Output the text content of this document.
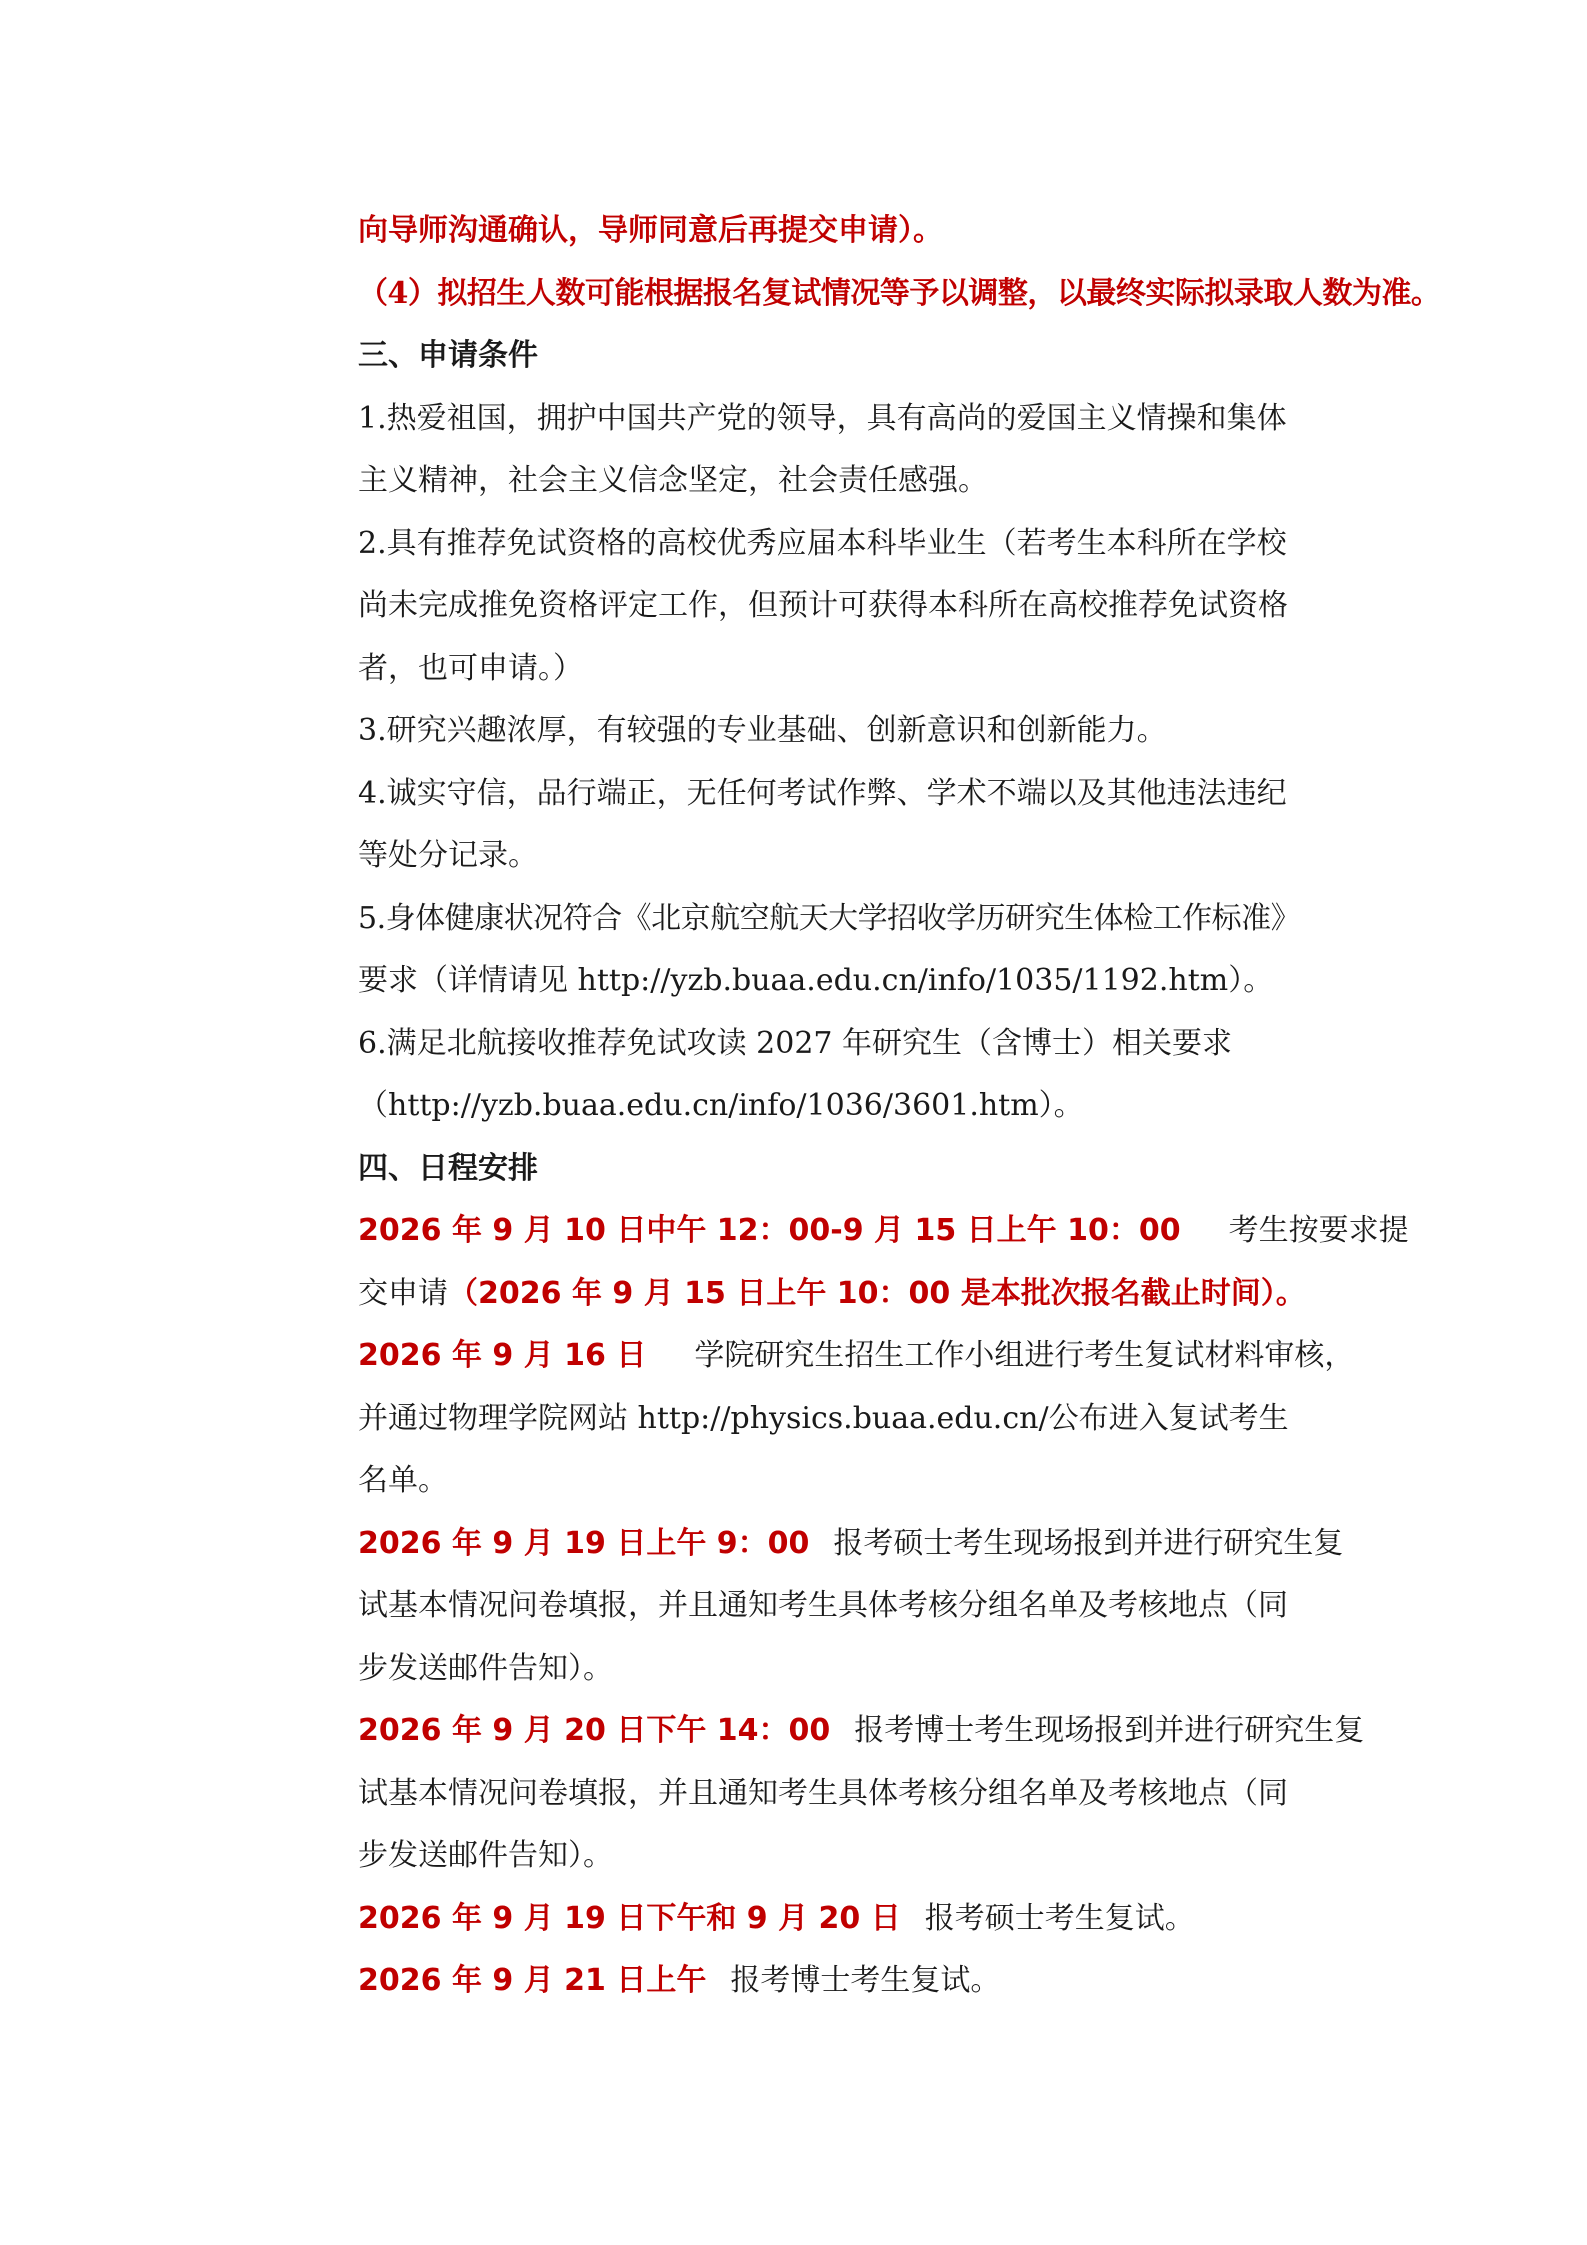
向导师沟通确认，导师同意后再提交申请）。
（4）拟招生人数可能根据报名复试情况等予以调整，以最终实际拟录取人数为准。
三、申请条件
1.热爱祖国，拥护中国共产党的领导，具有高尚的爱国主义情操和集体
主义精神，社会主义信念坚定，社会责任感强。
2.具有推荐免试资格的高校优秀应届本科毕业生（若考生本科所在学校
尚未完成推免资格评定工作，但预计可获得本科所在高校推荐免试资格
者，也可申请。）
3.研究兴趣浓厚，有较强的专业基础、创新意识和创新能力。
4.诚实守信，品行端正，无任何考试作弊、学术不端以及其他违法违纪
等处分记录。
5.身体健康状况符合《北京航空航天大学招收学历研究生体检工作标准》
要求（详情请见 http://yzb.buaa.edu.cn/info/1035/1192.htm）。
6.满足北航接收推荐免试攻读 2027 年研究生（含博士）相关要求
（http://yzb.buaa.edu.cn/info/1036/3601.htm）。
四、日程安排
2026 年 9 月 10 日中午 12：00-9 月 15 日上午 10：00 考生按要求提
交申请（2026 年 9 月 15 日上午 10：00 是本批次报名截止时间）。
2026 年 9 月 16 日 学院研究生招生工作小组进行考生复试材料审核，
并通过物理学院网站 http://physics.buaa.edu.cn/公布进入复试考生
名单。
2026 年 9 月 19 日上午 9：00 报考硕士考生现场报到并进行研究生复
试基本情况问卷填报，并且通知考生具体考核分组名单及考核地点（同
步发送邮件告知）。
2026 年 9 月 20 日下午 14：00 报考博士考生现场报到并进行研究生复
试基本情况问卷填报，并且通知考生具体考核分组名单及考核地点（同
步发送邮件告知）。
2026 年 9 月 19 日下午和 9 月 20 日 报考硕士考生复试。
2026 年 9 月 21 日上午 报考博士考生复试。
